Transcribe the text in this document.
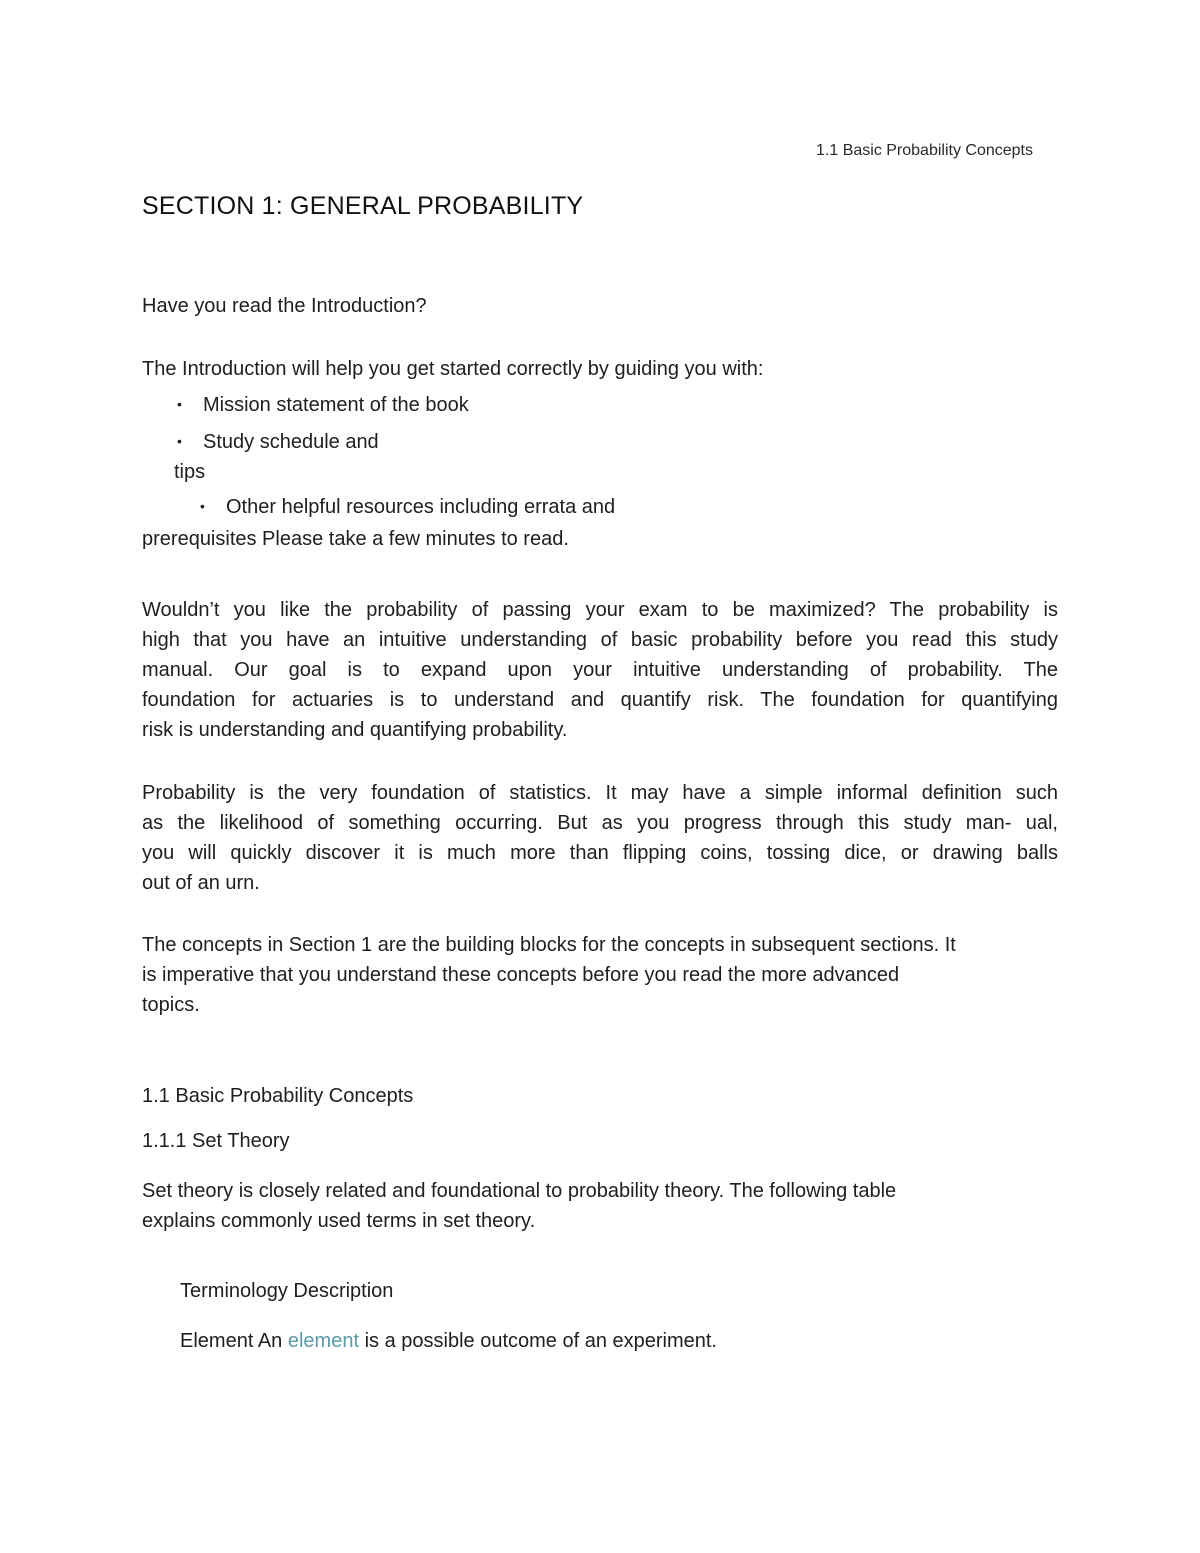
1.1 Basic Probability Concepts
SECTION 1: GENERAL PROBABILITY
Have you read the Introduction?
The Introduction will help you get started correctly by guiding you with:
• Mission statement of the book
• Study schedule and
tips
• Other helpful resources including errata and
prerequisites Please take a few minutes to read.
Wouldn’t you like the probability of passing your exam to be maximized? The probability is
high that you have an intuitive understanding of basic probability before you read this study
manual. Our goal is to expand upon your intuitive understanding of probability. The
foundation for actuaries is to understand and quantify risk. The foundation for quantifying
risk is understanding and quantifying probability.
Probability is the very foundation of statistics. It may have a simple informal definition such
as the likelihood of something occurring. But as you progress through this study man- ual,
you will quickly discover it is much more than flipping coins, tossing dice, or drawing balls
out of an urn.
The concepts in Section 1 are the building blocks for the concepts in subsequent sections. It
is imperative that you understand these concepts before you read the more advanced
topics.
1.1 Basic Probability Concepts
1.1.1 Set Theory
Set theory is closely related and foundational to probability theory. The following table
explains commonly used terms in set theory.
Terminology Description
Element An element is a possible outcome of an experiment.
